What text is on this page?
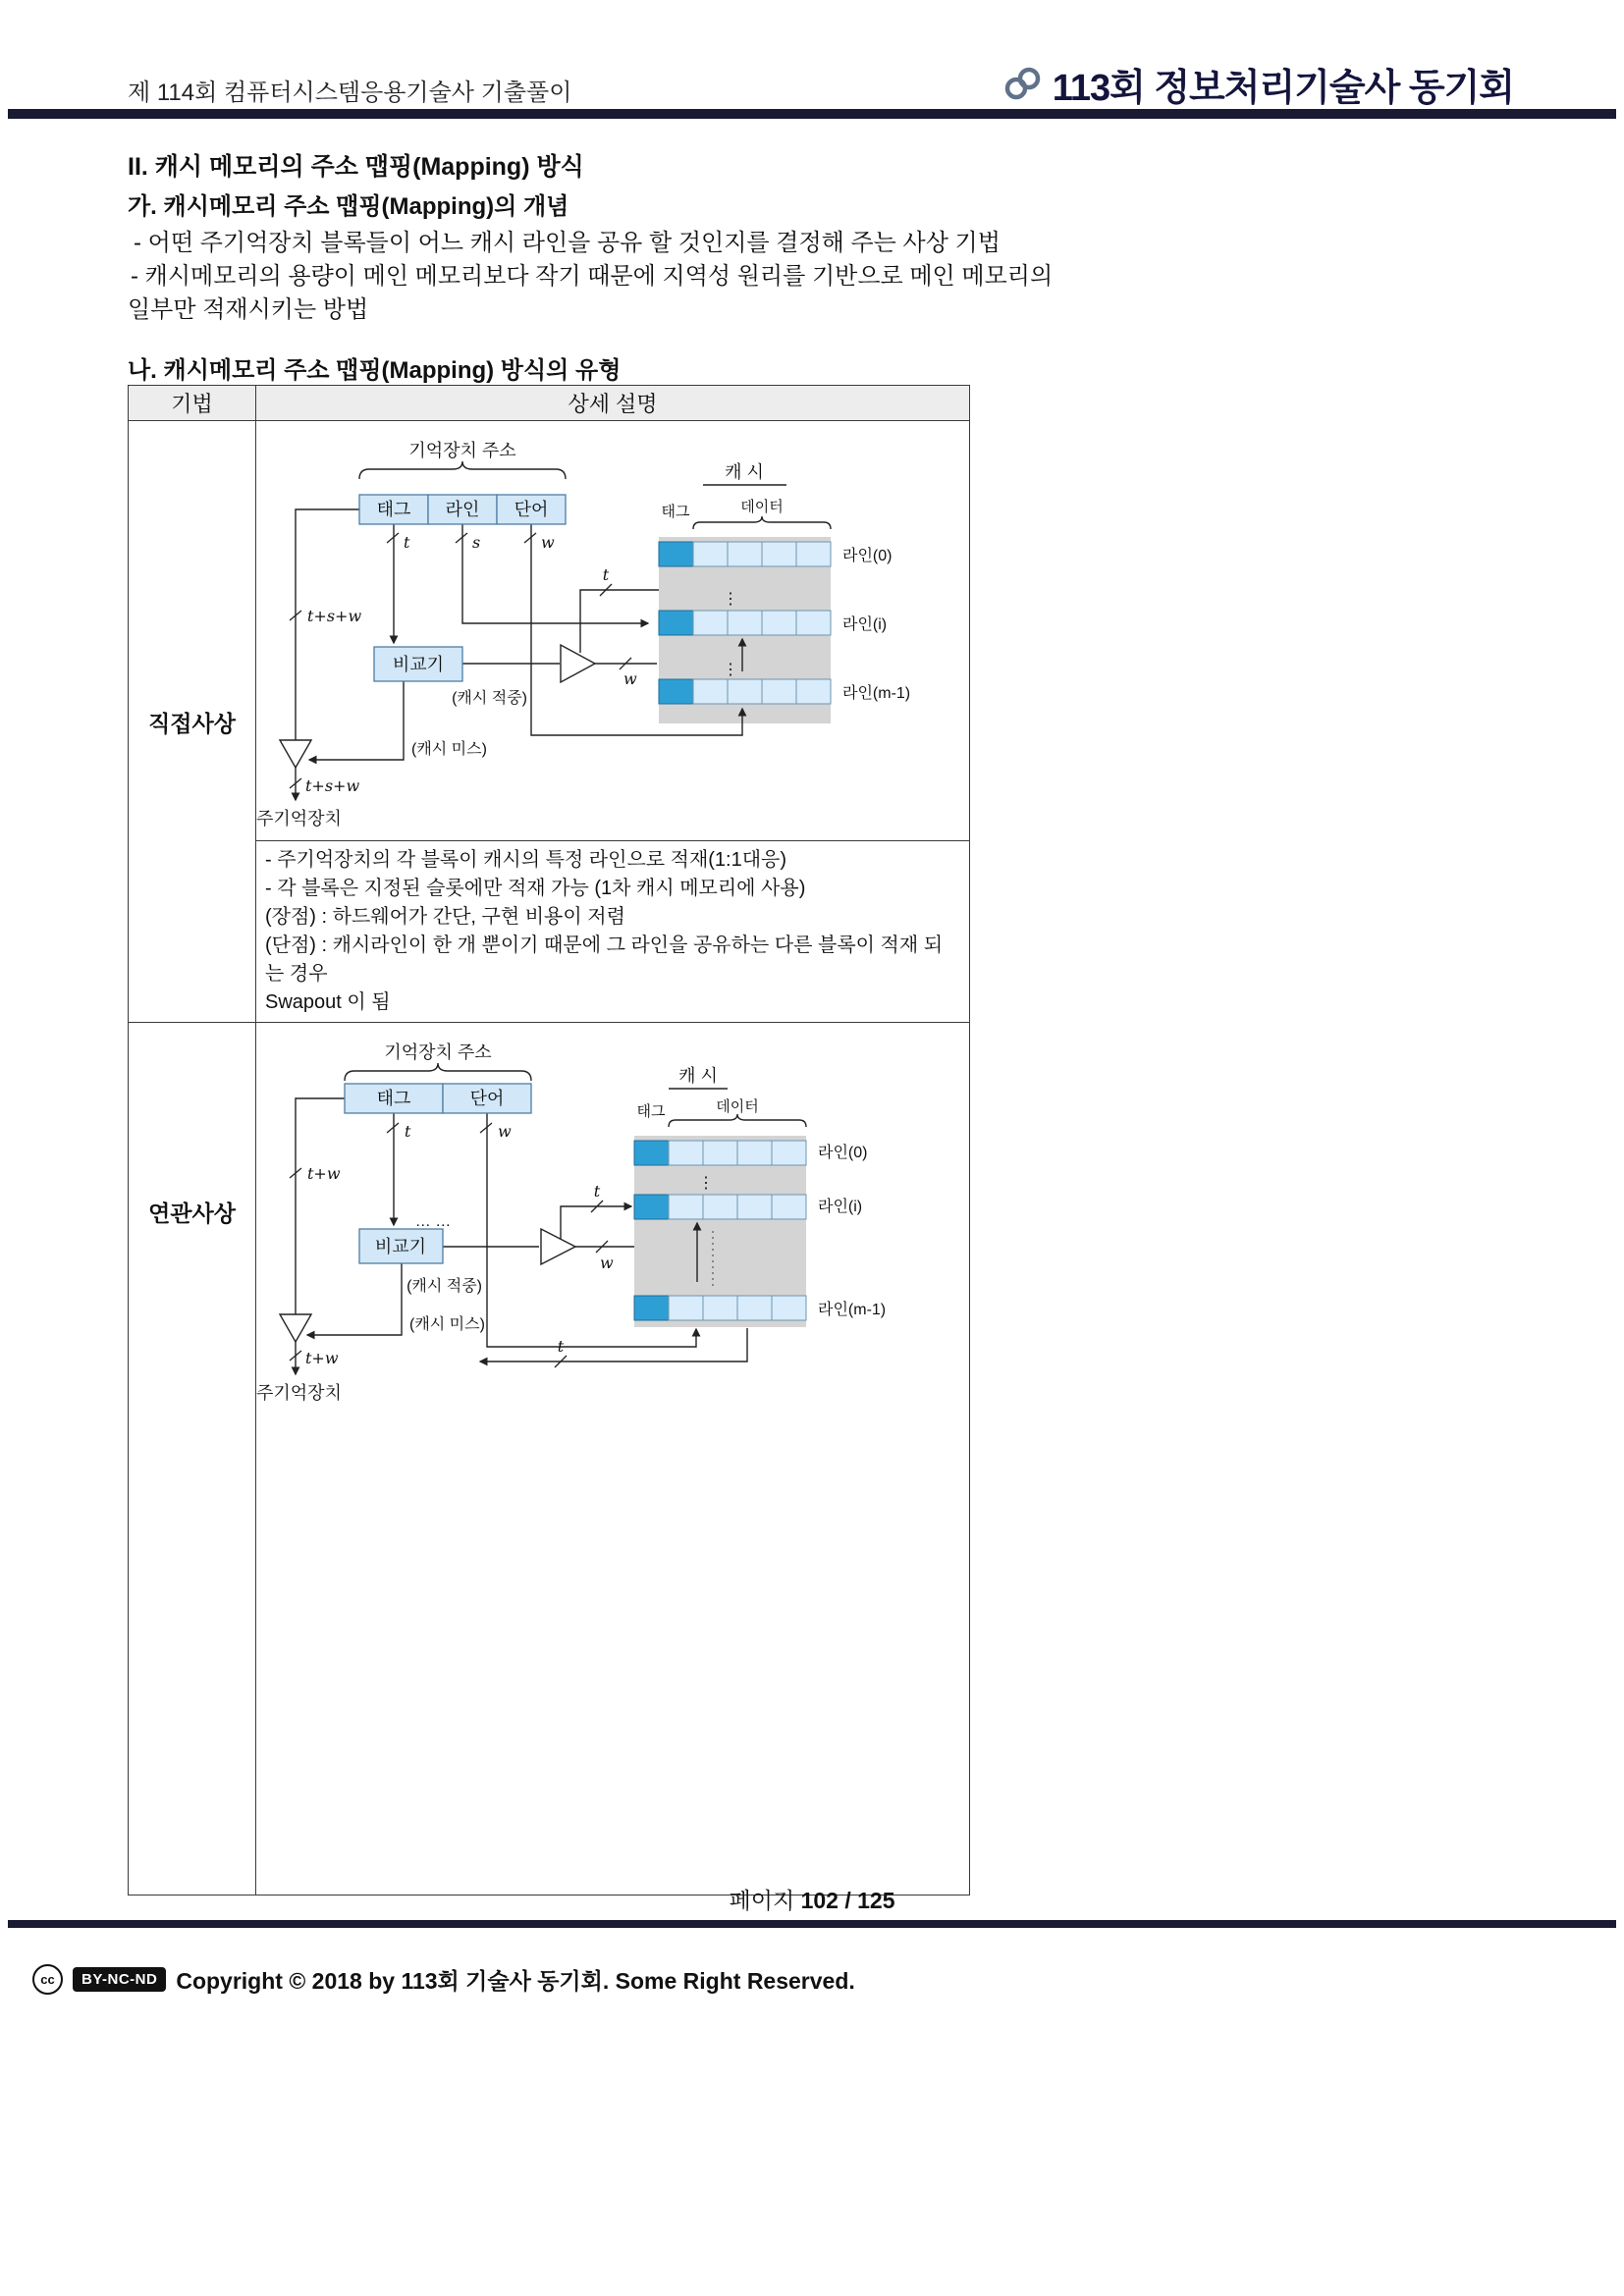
제 114회 컴퓨터시스템응용기술사 기출풀이	113회 정보처리기술사 동기회
II. 캐시 메모리의 주소 맵핑(Mapping) 방식
가. 캐시메모리 주소 맵핑(Mapping)의 개념
- 어떤 주기억장치 블록들이 어느 캐시 라인을 공유 할 것인지를 결정해 주는 사상 기법
- 캐시메모리의 용량이 메인 메모리보다 작기 때문에 지역성 원리를 기반으로 메인 메모리의
일부만 적재시키는 방법
나. 캐시메모리 주소 맵핑(Mapping) 방식의 유형
기법	상세 설명
직접사상	
기억장치 주소
태그 라인 단어
t	s	w
t+s+w
t
w
t+s+w
비교기
(캐시 적중)
(캐시 미스)
주기억장치
캐 시
태그	데이터
⋮
⋮
라인(0)
라인(i)
라인(m-1)

	- 주기억장치의 각 블록이 캐시의 특정 라인으로 적재(1:1대응)
- 각 블록은 지정된 슬롯에만 적재 가능 (1차 캐시 메모리에 사용)
(장점) : 하드웨어가 간단, 구현 비용이 저렴
(단점) : 캐시라인이 한 개 뿐이기 때문에 그 라인을 공유하는 다른 블록이 적재 되는 경우
Swapout 이 됨

연관사상	
기억장치 주소
태그	단어
t	w
t+w
t
w
t+w
t
비교기
… …
(캐시 적중)
(캐시 미스)
주기억장치
캐 시
태그	데이터
⋮
라인(0)
라인(i)
라인(m-1)
페이지 102 / 125
cc	BY-NC-ND Copyright © 2018 by 113회 기술사 동기회. Some Right Reserved.
